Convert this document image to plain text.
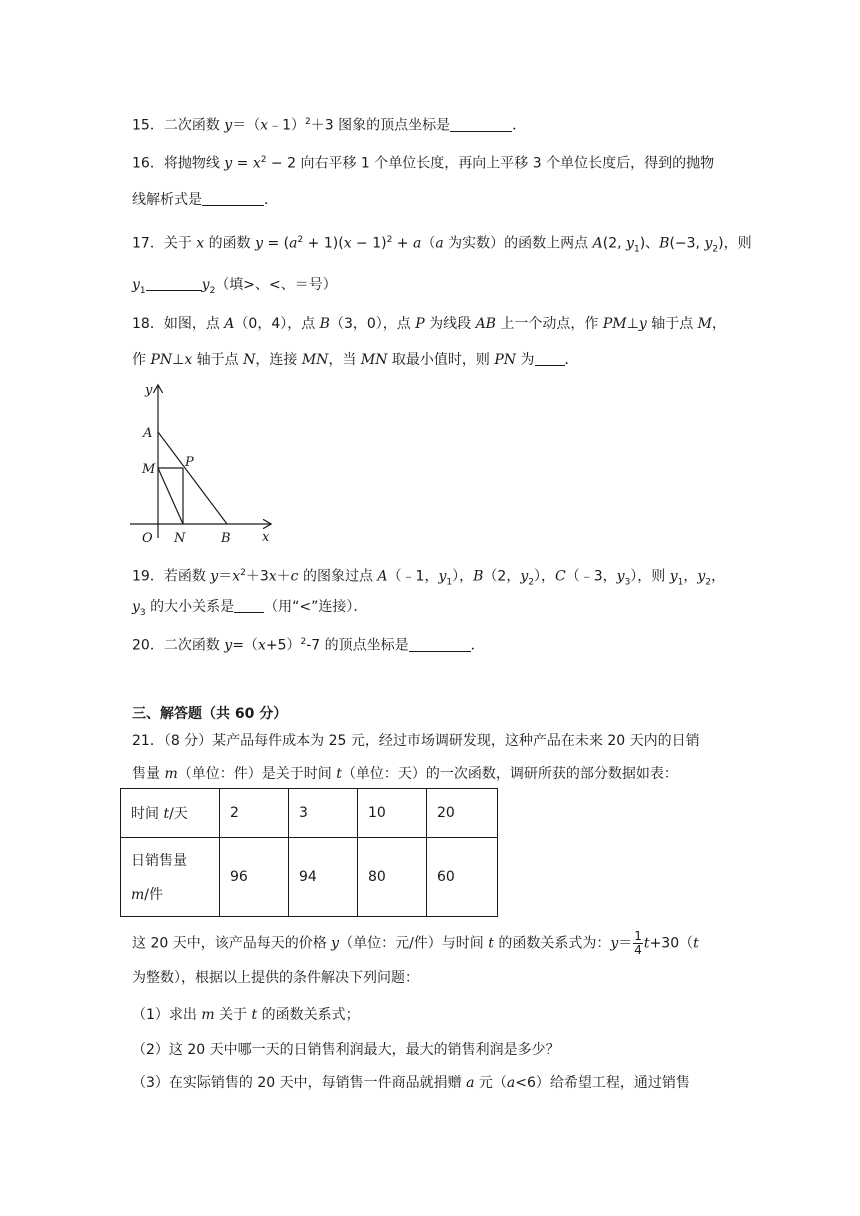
15．二次函数 y＝（x﹣1）$^2$＋3 图象的顶点坐标是	．
16．将抛物线 $y = x^2 - 2$ 向右平移 1 个单位长度，再向上平移 3 个单位长度后，得到的抛物
线解析式是	．
17．关于 x 的函数 $y = (a^2 + 1)(x - 1)^2 + a(a$ 为实数）的函数上两点 A(2, $y_1$)、B(−3, $y_2$)，则
$y_1$	$y_2$（填>、<、＝号）
18．如图，点 A（0，4），点 B（3，0），点 P 为线段 AB 上一个动点，作 PM⊥y 轴于点 M，
作 PN⊥x 轴于点 N，连接 MN，当 MN 取最小值时，则 PN 为 ．
y
x
A
M P
O N	B
19．若函数 $y=x^2+3x+c$ 的图象过点 A（﹣1，$y_1$），B（2，$y_2$），C（﹣3，$y_3$），则 $y_1$，$y_2$，
$y_3$ 的大小关系是 （用“<”连接）．
20．二次函数 $y=(x+5)^2-7$ 的顶点坐标是	．
三、解答题（共 60 分）
21．（8 分）某产品每件成本为 25 元，经过市场调研发现，这种产品在未来 20 天内的日销
售量 m（单位：件）是关于时间 t（单位：天）的一次函数，调研所获的部分数据如表：
时间 t/天	2	3	10	20
日销售量
m/件	96	94	80	60
这 20 天中，该产品每天的价格 y（单位：元/件）与时间 t 的函数关系式为：$y= \frac{1}{4} t+30(t$
为整数），根据以上提供的条件解决下列问题：
（1）求出 m 关于 t 的函数关系式；
（2）这 20 天中哪一天的日销售利润最大，最大的销售利润是多少？
（3）在实际销售的 20 天中，每销售一件商品就捐赠 a 元（a<6）给希望工程，通过销售
